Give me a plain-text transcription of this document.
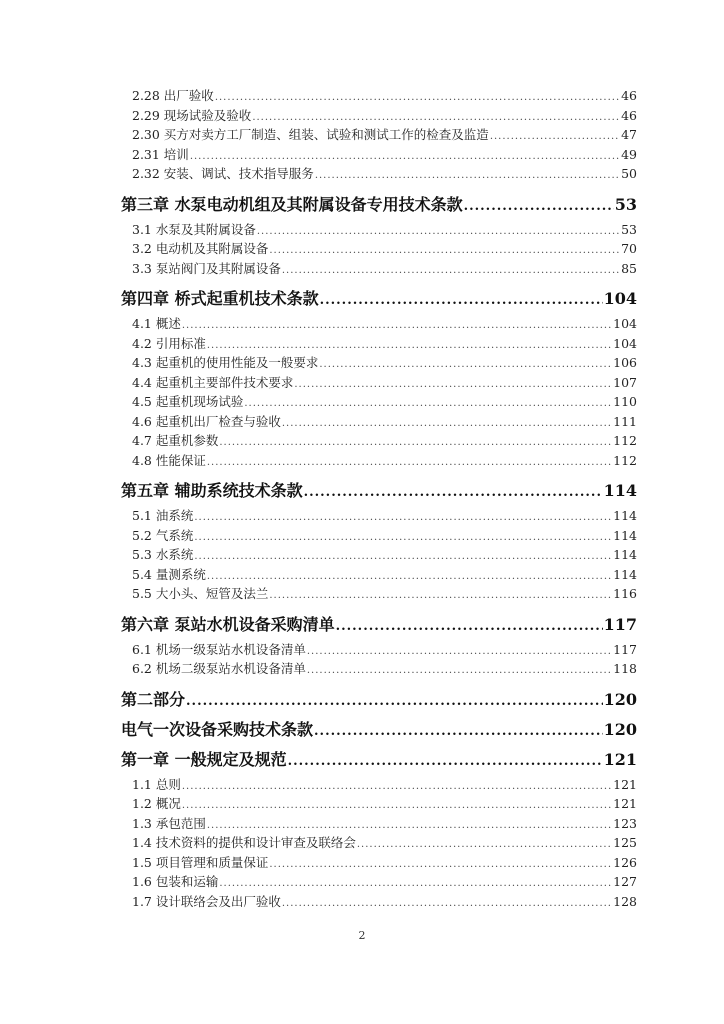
2.28 出厂验收 .....	46
2.29 现场试验及验收 .....	46
2.30 买方对卖方工厂制造、组装、试验和测试工作的检查及监造 .....	47
2.31 培训 .....	49
2.32 安装、调试、技术指导服务 .....	50
第三章 水泵电动机组及其附属设备专用技术条款 .....	53
3.1 水泵及其附属设备 .....	53
3.2 电动机及其附属设备 .....	70
3.3 泵站阀门及其附属设备 .....	85
第四章 桥式起重机技术条款 .....	104
4.1 概述 .....	104
4.2 引用标准 .....	104
4.3 起重机的使用性能及一般要求 .....	106
4.4 起重机主要部件技术要求 .....	107
4.5 起重机现场试验 .....	110
4.6 起重机出厂检查与验收 .....	111
4.7 起重机参数 .....	112
4.8 性能保证 .....	112
第五章 辅助系统技术条款 .....	114
5.1 油系统 .....	114
5.2 气系统 .....	114
5.3 水系统 .....	114
5.4 量测系统 .....	114
5.5 大小头、短管及法兰 .....	116
第六章 泵站水机设备采购清单 .....	117
6.1 机场一级泵站水机设备清单 .....	117
6.2 机场二级泵站水机设备清单 .....	118
第二部分 .....	120
电气一次设备采购技术条款 .....	120
第一章 一般规定及规范 .....	121
1.1 总则 .....	121
1.2 概况 .....	121
1.3 承包范围 .....	123
1.4 技术资料的提供和设计审查及联络会 .....	125
1.5 项目管理和质量保证 .....	126
1.6 包装和运输 .....	127
1.7 设计联络会及出厂验收 .....	128
2
